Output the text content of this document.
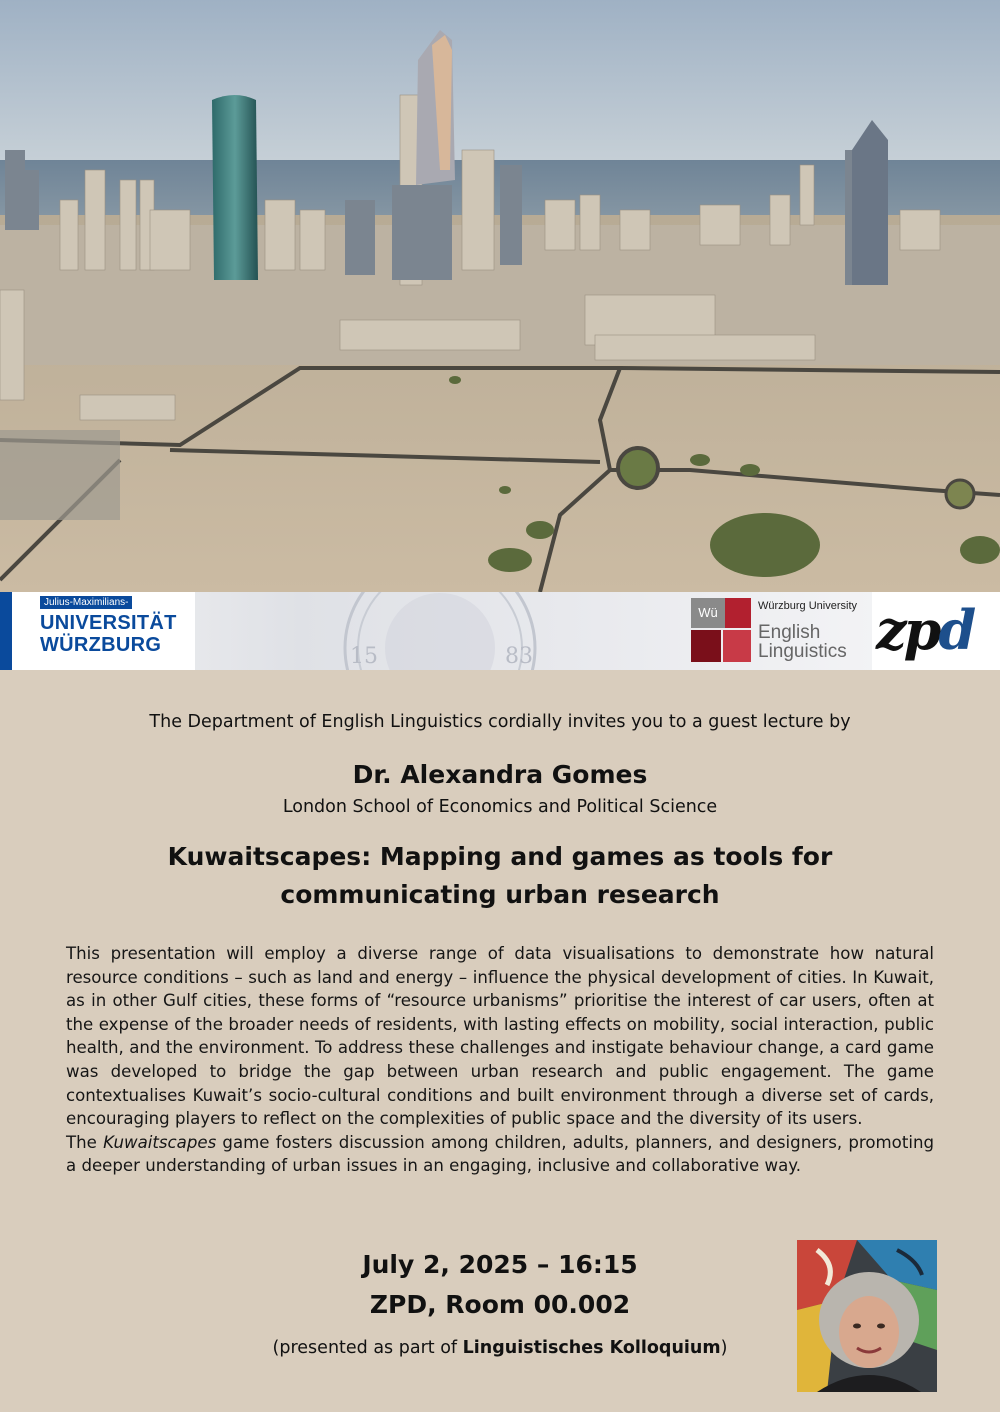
15	83
Julius-Maximilians-
UNIVERSITÄT
WÜRZBURG
Wü	Würzburg University
English
Linguistics zpd
The Department of English Linguistics cordially invites you to a guest lecture by
Dr. Alexandra Gomes
London School of Economics and Political Science
Kuwaitscapes: Mapping and games as tools for
communicating urban research

This presentation will employ a diverse range of data visualisations to demonstrate how natural resource conditions – such as land and energy – influence the physical development of cities. In Kuwait, as in other Gulf cities, these forms of “resource urbanisms” prioritise the interest of car users, often at the expense of the broader needs of residents, with lasting effects on mobility, social interaction, public health, and the environment. To address these challenges and instigate behaviour change, a card game was developed to bridge the gap between urban research and public engagement. The game contextualises Kuwait’s socio-cultural conditions and built environment through a diverse set of cards, encouraging players to reflect on the complexities of public space and the diversity of its users.

The Kuwaitscapes game fosters discussion among children, adults, planners, and designers, promoting a deeper understanding of urban issues in an engaging, inclusive and collaborative way.

July 2, 2025 – 16:15
ZPD, Room 00.002
(presented as part of Linguistisches Kolloquium)
